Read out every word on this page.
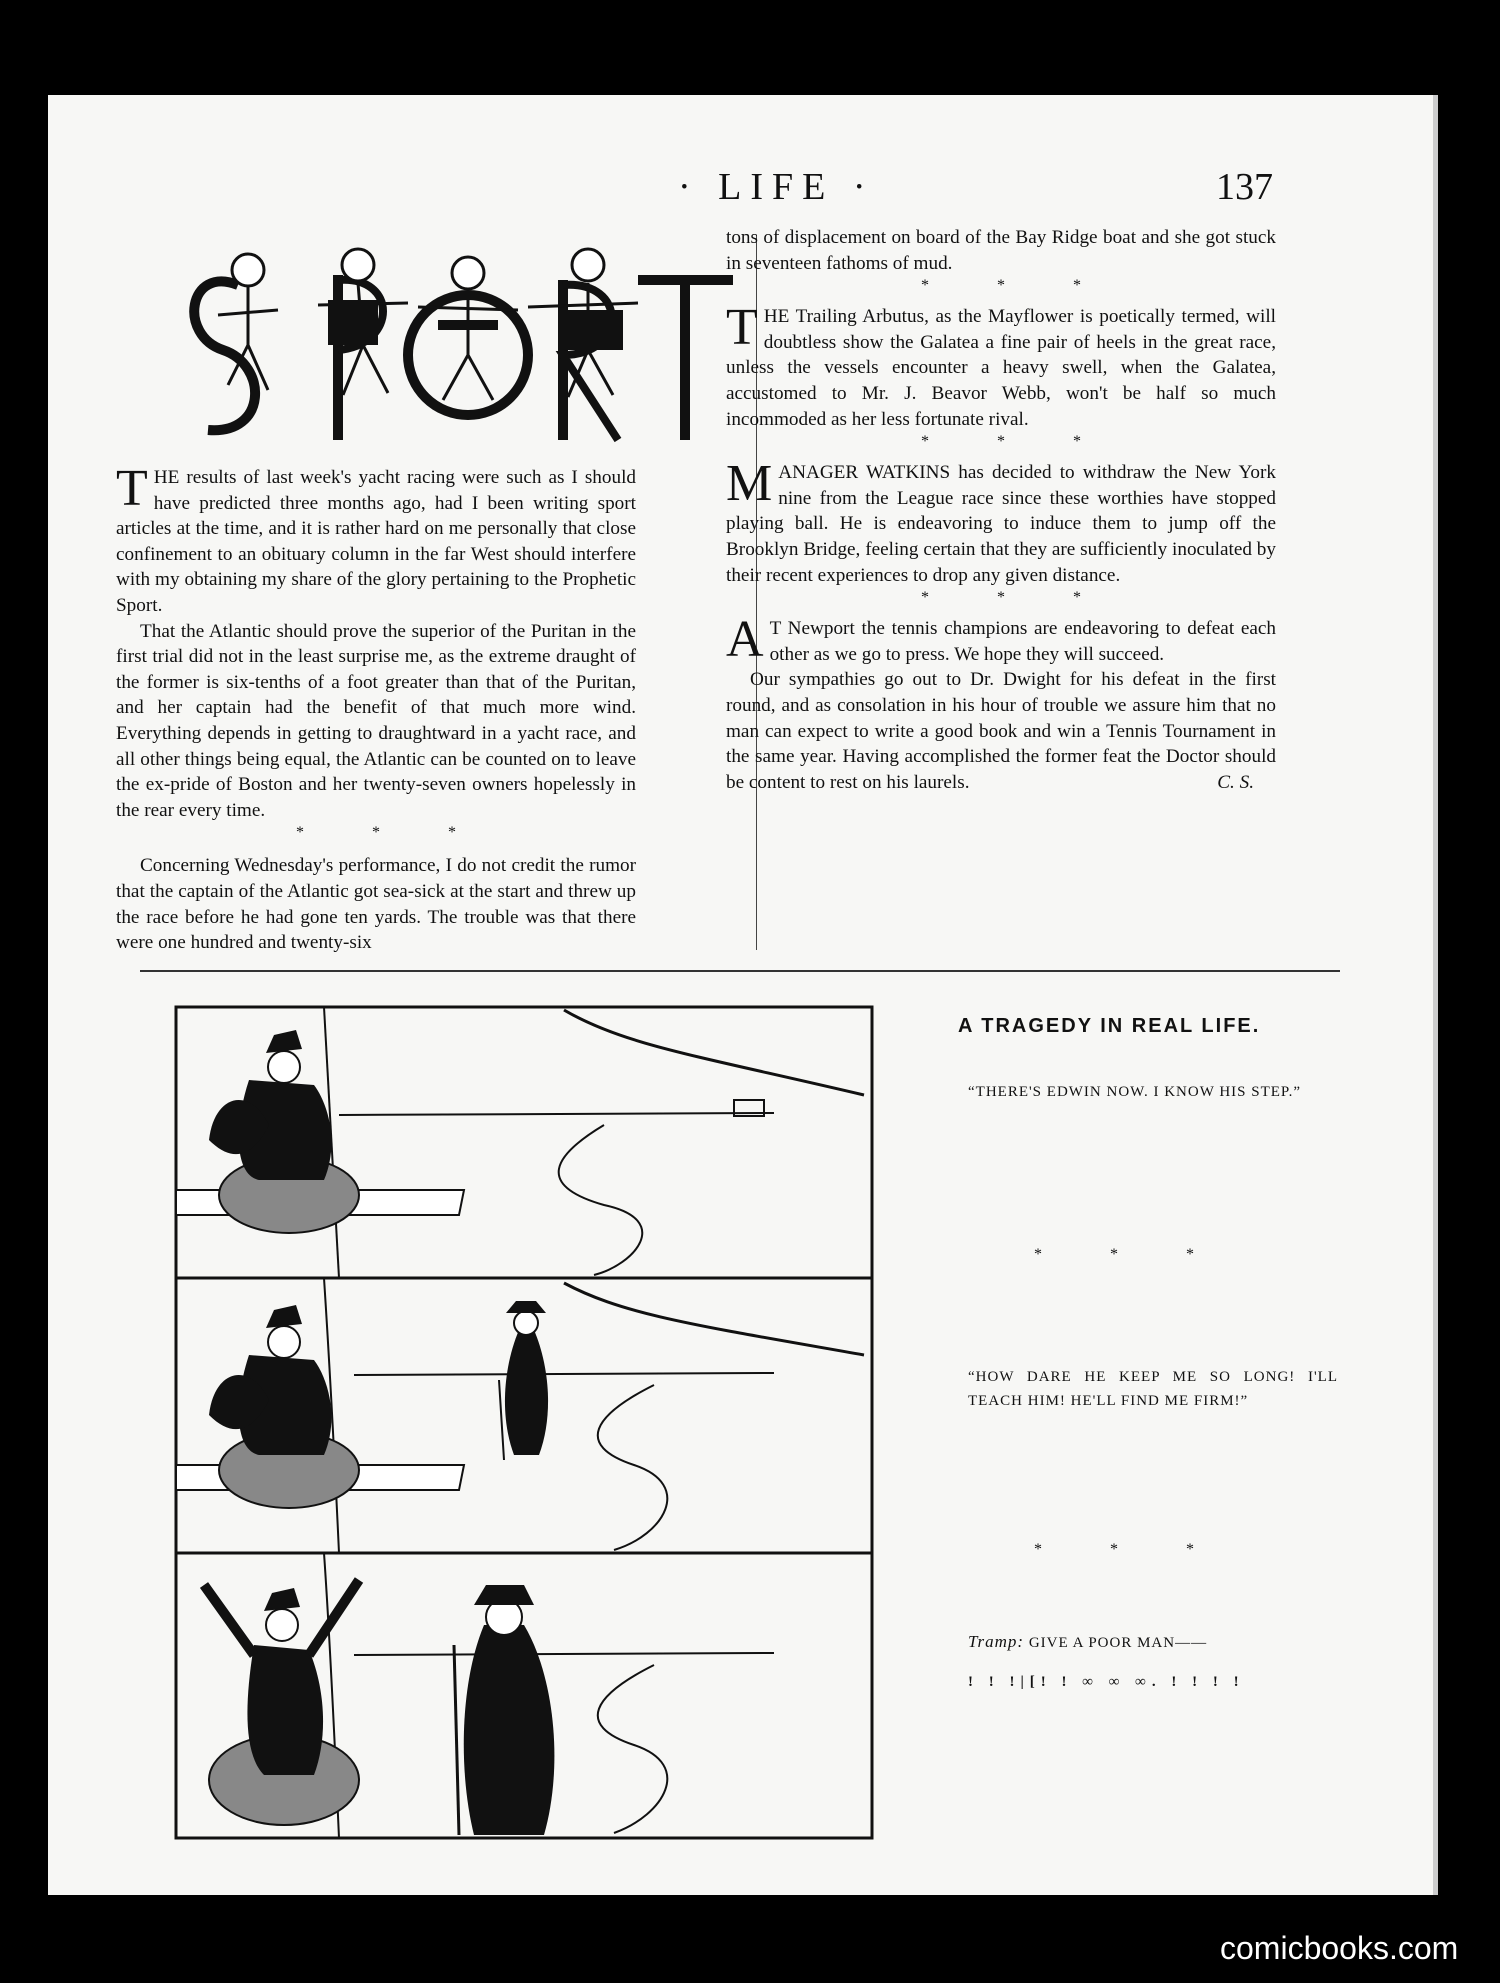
· LIFE ·	137

THE results of last week's yacht racing were such as I should have predicted three months ago, had I been writing sport articles at the time, and it is rather hard on me personally that close confinement to an obituary column in the far West should interfere with my obtaining my share of the glory pertaining to the Prophetic Sport.

That the Atlantic should prove the superior of the Puritan in the first trial did not in the least surprise me, as the extreme draught of the former is six-tenths of a foot greater than that of the Puritan, and her captain had the benefit of that much more wind. Everything depends in getting to draughtward in a yacht race, and all other things being equal, the Atlantic can be counted on to leave the ex-pride of Boston and her twenty-seven owners hopelessly in the rear every time.

* * *

Concerning Wednesday's performance, I do not credit the rumor that the captain of the Atlantic got sea-sick at the start and threw up the race before he had gone ten yards. The trouble was that there were one hundred and twenty-six

tons of displacement on board of the Bay Ridge boat and she got stuck in seventeen fathoms of mud.

* * *

THE Trailing Arbutus, as the Mayflower is poetically termed, will doubtless show the Galatea a fine pair of heels in the great race, unless the vessels encounter a heavy swell, when the Galatea, accustomed to Mr. J. Beavor Webb, won't be half so much incommoded as her less fortunate rival.

* * *

MANAGER WATKINS has decided to withdraw the New York nine from the League race since these worthies have stopped playing ball. He is endeavoring to induce them to jump off the Brooklyn Bridge, feeling certain that they are sufficiently inoculated by their recent experiences to drop any given distance.

* * *

A T Newport the tennis champions are endeavoring to defeat each other as we go to press. We hope they will succeed.

Our sympathies go out to Dr. Dwight for his defeat in the first round, and as consolation in his hour of trouble we assure him that no man can expect to write a good book and win a Tennis Tournament in the same year. Having accomplished the former feat the Doctor should be content to rest on his laurels.	C. S.

A TRAGEDY IN REAL LIFE.

“THERE'S EDWIN NOW. I KNOW HIS STEP.”

* * *

“HOW DARE HE KEEP ME SO LONG! I'LL TEACH HIM! HE'LL FIND ME FIRM!”

* * *

Tramp: GIVE A POOR MAN——

! ! !|[! ! ∞ ∞ ∞. ! ! ! !

comicbooks.com
